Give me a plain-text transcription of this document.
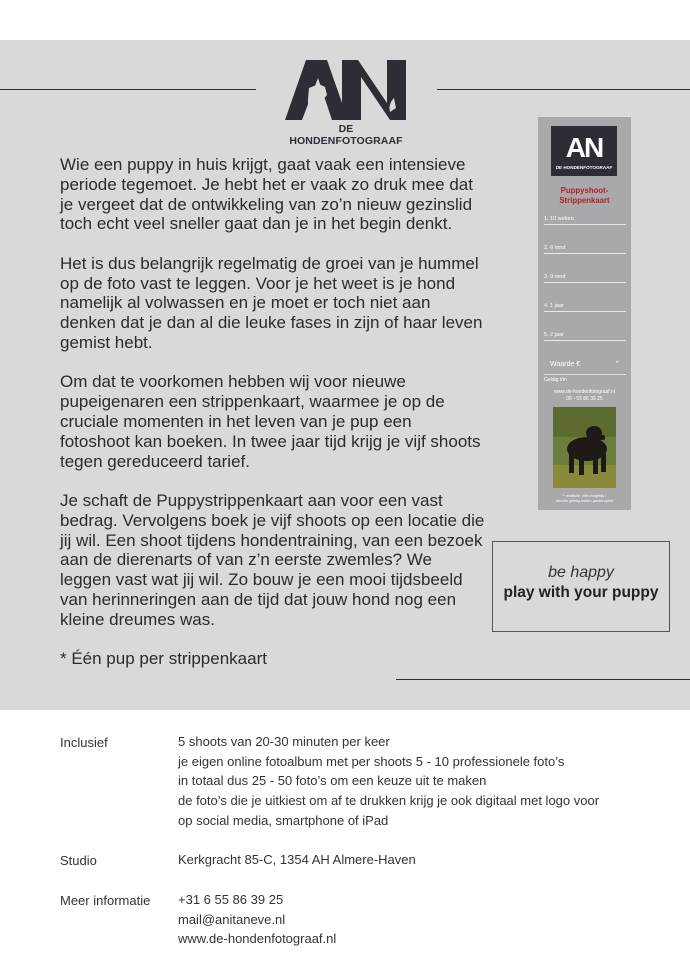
DE HONDENFOTOGRAAF

Wie een puppy in huis krijgt, gaat vaak een intensieve periode tegemoet. Je hebt het er vaak zo druk mee dat je vergeet dat de ontwikkeling van zo’n nieuw gezinslid toch echt veel sneller gaat dan je in het begin denkt.

Het is dus belangrijk regelmatig de groei van je hummel op de foto vast te leggen. Voor je het weet is je hond namelijk al volwassen en je moet er toch niet aan denken dat je dan al die leuke fases in zijn of haar leven gemist hebt.

Om dat te voorkomen hebben wij voor nieuwe pupeigenaren een strippenkaart, waarmee je op de cruciale momenten in het leven van je pup een fotoshoot kan boeken. In twee jaar tijd krijg je vijf shoots tegen gereduceerd tarief.

Je schaft de Puppystrippenkaart aan voor een vast bedrag. Vervolgens boek je vijf shoots op een locatie die jij wil. Een shoot tijdens hondentraining, van een bezoek aan de dierenarts of van z’n eerste zwemles? We leggen vast wat jij wil. Zo bouw je een mooi tijdsbeeld van herinneringen aan de tijd dat jouw hond nog een kleine dreumes was.

* Één pup per strippenkaart

AN
DE HONDENFOTOGRAAF
Puppyshoot-
Strippenkaart
1. 10 weken
2. 6 mnd
3. 9 mnd
4. 1 jaar
5. 2 jaar
Waarde €	*
Geldig t/m
www.de-hondenfotograaf.nl
06 - 55 86 39 25
* restitutie niet mogelijk /
slechts geldig indien gestempeld
be happy
play with your puppy
Inclusief	5 shoots van 20-30 minuten per keer
je eigen online fotoalbum met per shoots 5 - 10 professionele foto’s
in totaal dus 25 - 50 foto’s om een keuze uit te maken
de foto’s die je uitkiest om af te drukken krijg je ook digitaal met logo voor
op social media, smartphone of iPad
Studio	Kerkgracht 85-C, 1354 AH Almere-Haven
Meer informatie +31 6 55 86 39 25
mail@anitaneve.nl
www.de-hondenfotograaf.nl
